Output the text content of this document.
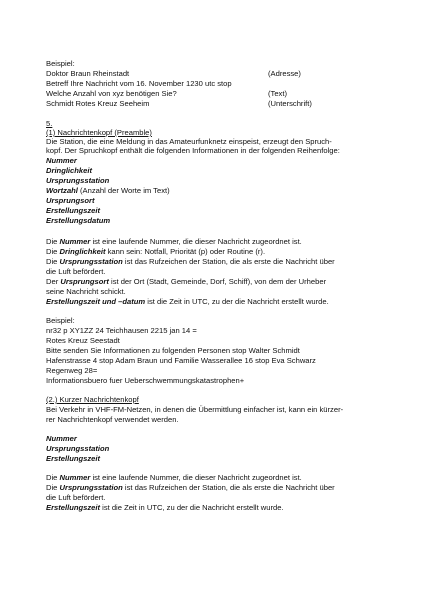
Beispiel:
Doktor Braun Rheinstadt	(Adresse)
Betreff Ihre Nachricht vom 16. November 1230 utc stop
Welche Anzahl von xyz benötigen Sie?	(Text)
Schmidt Rotes Kreuz Seeheim	(Unterschrift)
5.
(1) Nachrichtenkopf (Preamble)
Die Station, die eine Meldung in das Amateurfunknetz einspeist, erzeugt den Spruch-
kopf. Der Spruchkopf enthält die folgenden Informationen in der folgenden Reihenfolge:
Nummer
Dringlichkeit
Ursprungsstation
Wortzahl (Anzahl der Worte im Text)
Ursprungsort
Erstellungszeit
Erstellungsdatum
Die Nummer ist eine laufende Nummer, die dieser Nachricht zugeordnet ist.
Die Dringlichkeit kann sein: Notfall, Priorität (p) oder Routine (r).
Die Ursprungsstation ist das Rufzeichen der Station, die als erste die Nachricht über
die Luft befördert.
Der Ursprungsort ist der Ort (Stadt, Gemeinde, Dorf, Schiff), von dem der Urheber
seine Nachricht schickt.
Erstellungszeit und –datum ist die Zeit in UTC, zu der die Nachricht erstellt wurde.
Beispiel:
nr32 p XY1ZZ 24 Teichhausen 2215 jan 14 =
Rotes Kreuz Seestadt
Bitte senden Sie Informationen zu folgenden Personen stop Walter Schmidt
Hafenstrasse 4 stop Adam Braun und Familie Wasserallee 16 stop Eva Schwarz
Regenweg 28=
Informationsbuero fuer Ueberschwemmungskatastrophen+
(2.) Kurzer Nachrichtenkopf
Bei Verkehr in VHF-FM-Netzen, in denen die Übermittlung einfacher ist, kann ein kürzer-
rer Nachrichtenkopf verwendet werden.
Nummer
Ursprungsstation
Erstellungszeit
Die Nummer ist eine laufende Nummer, die dieser Nachricht zugeordnet ist.
Die Ursprungsstation ist das Rufzeichen der Station, die als erste die Nachricht über
die Luft befördert.
Erstellungszeit ist die Zeit in UTC, zu der die Nachricht erstellt wurde.
